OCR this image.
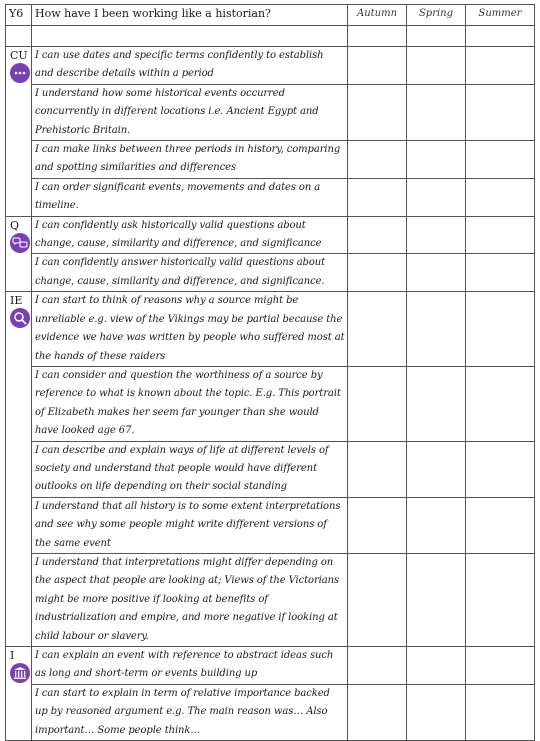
Y6	How have I been working like a historian?	Autumn	Spring	Summer

CU	I can use dates and specific terms confidently to establish and describe details within a period			
	I understand how some historical events occurred concurrently in different locations i.e. Ancient Egypt and Prehistoric Britain.			
	I can make links between three periods in history, comparing and spotting similarities and differences			
	I can order significant events, movements and dates on a timeline.			

Q	I can confidently ask historically valid questions about change, cause, similarity and difference, and significance			
	I can confidently answer historically valid questions about change, cause, similarity and difference, and significance.			

IE	I can start to think of reasons why a source might be unreliable e.g. view of the Vikings may be partial because the evidence we have was written by people who suffered most at the hands of these raiders			
	I can consider and question the worthiness of a source by reference to what is known about the topic. E.g. This portrait of Elizabeth makes her seem far younger than she would have looked age 67.			
	I can describe and explain ways of life at different levels of society and understand that people would have different outlooks on life depending on their social standing			
	I understand that all history is to some extent interpretations and see why some people might write different versions of the same event			
	I understand that interpretations might differ depending on the aspect that people are looking at; Views of the Victorians might be more positive if looking at benefits of industrialization and empire, and more negative if looking at child labour or slavery.			

I	I can explain an event with reference to abstract ideas such as long and short-term or events building up			
	I can start to explain in term of relative importance backed up by reasoned argument e.g. The main reason was… Also important… Some people think…			
